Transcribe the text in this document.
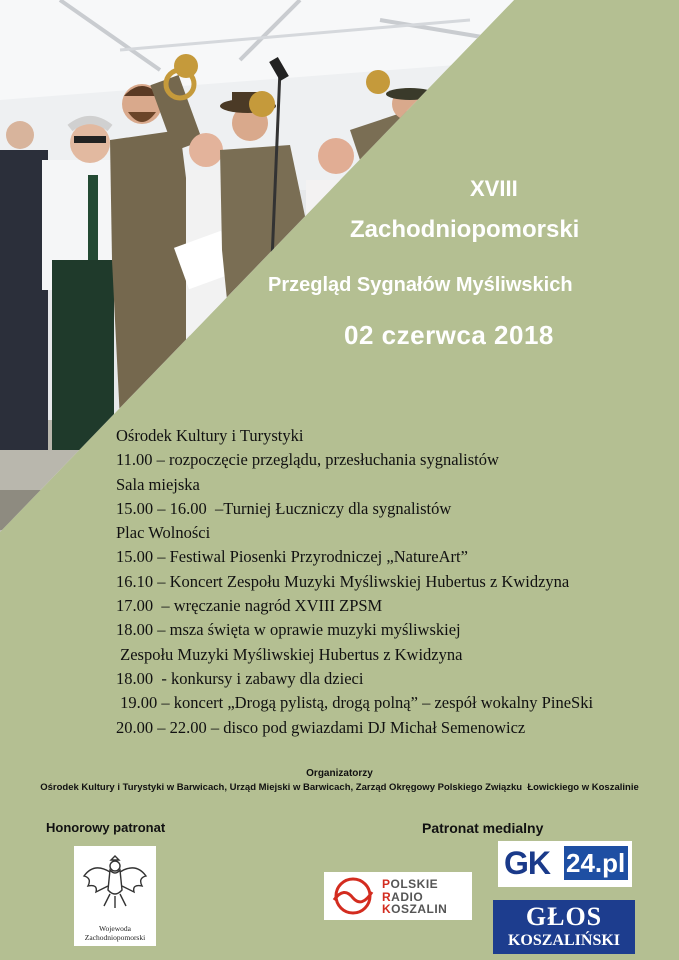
XVIII
Zachodniopomorski
Przegląd Sygnałów Myśliwskich
02 czerwca 2018
Ośrodek Kultury i Turystyki
11.00 – rozpoczęcie przeglądu, przesłuchania sygnalistów
Sala miejska
15.00 – 16.00  –Turniej Łuczniczy dla sygnalistów
Plac Wolności
15.00 – Festiwal Piosenki Przyrodniczej „NatureArt”
16.10 – Koncert Zespołu Muzyki Myśliwskiej Hubertus z Kwidzyna
17.00  – wręczanie nagród XVIII ZPSM
18.00 – msza święta w oprawie muzyki myśliwskiej
Zespołu Muzyki Myśliwskiej Hubertus z Kwidzyna
18.00  - konkursy i zabawy dla dzieci
19.00 – koncert „Drogą pylistą, drogą polną” – zespół wokalny PineSki
20.00 – 22.00 – disco pod gwiazdami DJ Michał Semenowicz
Organizatorzy
Ośrodek Kultury i Turystyki w Barwicach, Urząd Miejski w Barwicach, Zarząd Okręgowy Polskiego Związku  Łowickiego w Koszalinie
Honorowy patronat	Patronat medialny
Wojewoda
Zachodniopomorski
POLSKIE
RADIO
KOSZALIN
GK 24.pl
GŁOS
KOSZALIŃSKI
